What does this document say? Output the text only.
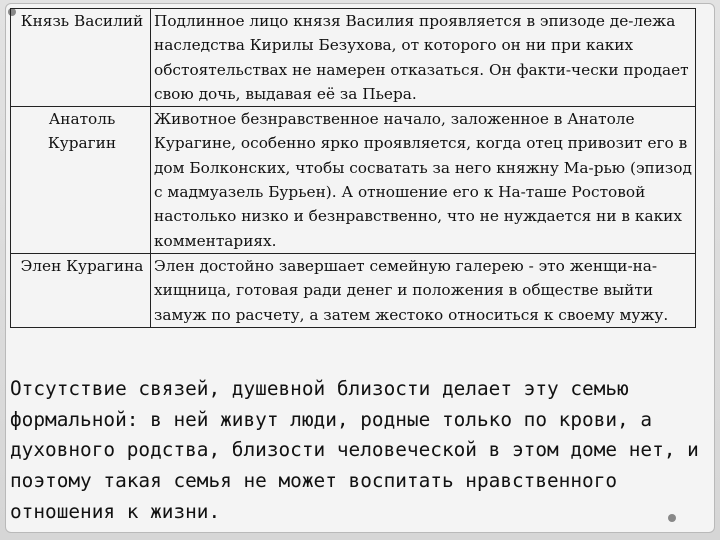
Князь Василий	Подлинное лицо князя Василия проявляется в эпизоде де-лежа наследства Кирилы Безухова, от которого он ни при каких обстоятельствах не намерен отказаться. Он факти-чески продает свою дочь, выдавая её за Пьера.
Анатоль Курагин	Животное безнравственное начало, заложенное в Анатоле Курагине, особенно ярко проявляется, когда отец привозит его в дом Болконских, чтобы сосватать за него княжну Ма-рью (эпизод с мадмуазель Бурьен). А отношение его к На-таше Ростовой настолько низко и безнравственно, что не нуждается ни в каких комментариях.
Элен Курагина	Элен достойно завершает семейную галерею - это женщи-на-хищница, готовая ради денег и положения в обществе выйти замуж по расчету, а затем жестоко относиться к своему мужу.
Отсутствие связей, душевной близости делает эту семью формальной: в ней живут люди, родные только по крови, а духовного родства, близости человеческой в этом доме нет, и поэтому такая семья не может воспитать нравственного отношения к жизни.
